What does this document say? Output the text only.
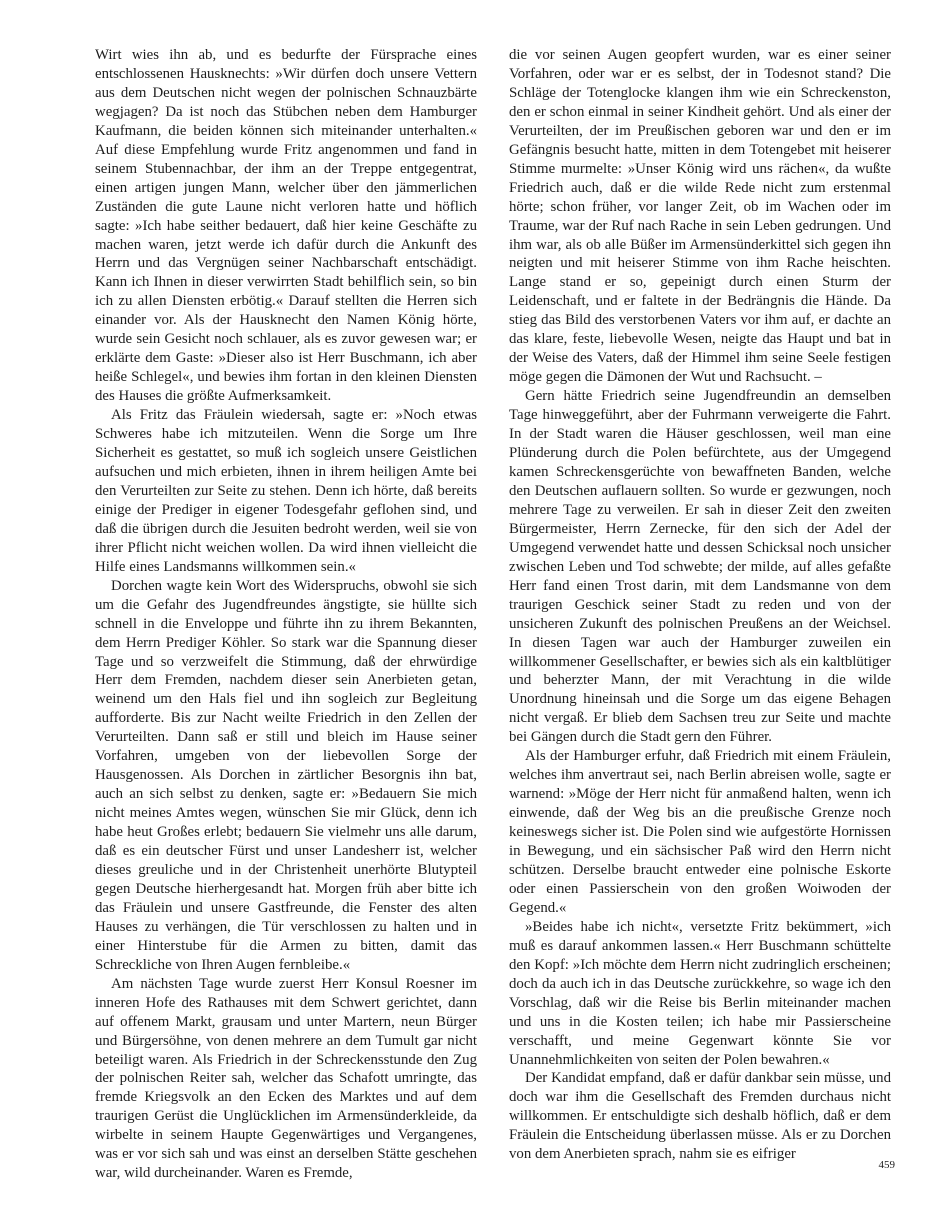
Wirt wies ihn ab, und es bedurfte der Fürsprache eines entschlossenen Hausknechts: »Wir dürfen doch unsere Vettern aus dem Deutschen nicht wegen der polnischen Schnauzbärte wegjagen? Da ist noch das Stübchen neben dem Hamburger Kaufmann, die beiden können sich miteinander unterhalten.« Auf diese Empfehlung wurde Fritz angenommen und fand in seinem Stubennachbar, der ihm an der Treppe entgegentrat, einen artigen jungen Mann, welcher über den jämmerlichen Zuständen die gute Laune nicht verloren hatte und höflich sagte: »Ich habe seither bedauert, daß hier keine Geschäfte zu machen waren, jetzt werde ich dafür durch die Ankunft des Herrn und das Vergnügen seiner Nachbarschaft entschädigt. Kann ich Ihnen in dieser verwirrten Stadt behilflich sein, so bin ich zu allen Diensten erbötig.« Darauf stellten die Herren sich einander vor. Als der Hausknecht den Namen König hörte, wurde sein Gesicht noch schlauer, als es zuvor gewesen war; er erklärte dem Gaste: »Dieser also ist Herr Buschmann, ich aber heiße Schlegel«, und bewies ihm fortan in den kleinen Diensten des Hauses die größte Aufmerksamkeit.

Als Fritz das Fräulein wiedersah, sagte er: »Noch etwas Schweres habe ich mitzuteilen. Wenn die Sorge um Ihre Sicherheit es gestattet, so muß ich sogleich unsere Geistlichen aufsuchen und mich erbieten, ihnen in ihrem heiligen Amte bei den Verurteilten zur Seite zu stehen. Denn ich hörte, daß bereits einige der Prediger in eigener Todesgefahr geflohen sind, und daß die übrigen durch die Jesuiten bedroht werden, weil sie von ihrer Pflicht nicht weichen wollen. Da wird ihnen vielleicht die Hilfe eines Landsmanns willkommen sein.«

Dorchen wagte kein Wort des Widerspruchs, obwohl sie sich um die Gefahr des Jugendfreundes ängstigte, sie hüllte sich schnell in die Enveloppe und führte ihn zu ihrem Bekannten, dem Herrn Prediger Köhler. So stark war die Spannung dieser Tage und so verzweifelt die Stimmung, daß der ehrwürdige Herr dem Fremden, nachdem dieser sein Anerbieten getan, weinend um den Hals fiel und ihn sogleich zur Begleitung aufforderte. Bis zur Nacht weilte Friedrich in den Zellen der Verurteilten. Dann saß er still und bleich im Hause seiner Vorfahren, umgeben von der liebevollen Sorge der Hausgenossen. Als Dorchen in zärtlicher Besorgnis ihn bat, auch an sich selbst zu denken, sagte er: »Bedauern Sie mich nicht meines Amtes wegen, wünschen Sie mir Glück, denn ich habe heut Großes erlebt; bedauern Sie vielmehr uns alle darum, daß es ein deutscher Fürst und unser Landesherr ist, welcher dieses greuliche und in der Christenheit unerhörte Blutурteil gegen Deutsche hierhergesandt hat. Morgen früh aber bitte ich das Fräulein und unsere Gastfreunde, die Fenster des alten Hauses zu verhängen, die Tür verschlossen zu halten und in einer Hinterstube für die Armen zu bitten, damit das Schreckliche von Ihren Augen fernbleibe.«

Am nächsten Tage wurde zuerst Herr Konsul Roesner im inneren Hofe des Rathauses mit dem Schwert gerichtet, dann auf offenem Markt, grausam und unter Martern, neun Bürger und Bürgersöhne, von denen mehrere an dem Tumult gar nicht beteiligt waren. Als Friedrich in der Schreckensstunde den Zug der polnischen Reiter sah, welcher das Schafott umringte, das fremde Kriegsvolk an den Ecken des Marktes und auf dem traurigen Gerüst die Unglücklichen im Armensünderkleide, da wirbelte in seinem Haupte Gegenwärtiges und Vergangenes, was er vor sich sah und was einst an derselben Stätte geschehen war, wild durcheinander. Waren es Fremde,

die vor seinen Augen geopfert wurden, war es einer seiner Vorfahren, oder war er es selbst, der in Todesnot stand? Die Schläge der Totenglocke klangen ihm wie ein Schreckenston, den er schon einmal in seiner Kindheit gehört. Und als einer der Verurteilten, der im Preußischen geboren war und den er im Gefängnis besucht hatte, mitten in dem Totengebet mit heiserer Stimme murmelte: »Unser König wird uns rächen«, da wußte Friedrich auch, daß er die wilde Rede nicht zum erstenmal hörte; schon früher, vor langer Zeit, ob im Wachen oder im Traume, war der Ruf nach Rache in sein Leben gedrungen. Und ihm war, als ob alle Büßer im Armensünderkittel sich gegen ihn neigten und mit heiserer Stimme von ihm Rache heischten. Lange stand er so, gepeinigt durch einen Sturm der Leidenschaft, und er faltete in der Bedrängnis die Hände. Da stieg das Bild des verstorbenen Vaters vor ihm auf, er dachte an das klare, feste, liebevolle Wesen, neigte das Haupt und bat in der Weise des Vaters, daß der Himmel ihm seine Seele festigen möge gegen die Dämonen der Wut und Rachsucht. –

Gern hätte Friedrich seine Jugendfreundin an demselben Tage hinweggeführt, aber der Fuhrmann verweigerte die Fahrt. In der Stadt waren die Häuser geschlossen, weil man eine Plünderung durch die Polen befürchtete, aus der Umgegend kamen Schreckensgerüchte von bewaffneten Banden, welche den Deutschen auflauern sollten. So wurde er gezwungen, noch mehrere Tage zu verweilen. Er sah in dieser Zeit den zweiten Bürgermeister, Herrn Zernecke, für den sich der Adel der Umgegend verwendet hatte und dessen Schicksal noch unsicher zwischen Leben und Tod schwebte; der milde, auf alles gefaßte Herr fand einen Trost darin, mit dem Landsmanne von dem traurigen Geschick seiner Stadt zu reden und von der unsicheren Zukunft des polnischen Preußens an der Weichsel. In diesen Tagen war auch der Hamburger zuweilen ein willkommener Gesellschafter, er bewies sich als ein kaltblütiger und beherzter Mann, der mit Verachtung in die wilde Unordnung hineinsah und die Sorge um das eigene Behagen nicht vergaß. Er blieb dem Sachsen treu zur Seite und machte bei Gängen durch die Stadt gern den Führer.

Als der Hamburger erfuhr, daß Friedrich mit einem Fräulein, welches ihm anvertraut sei, nach Berlin abreisen wolle, sagte er warnend: »Möge der Herr nicht für anmaßend halten, wenn ich einwende, daß der Weg bis an die preußische Grenze noch keineswegs sicher ist. Die Polen sind wie aufgestörte Hornissen in Bewegung, und ein sächsischer Paß wird den Herrn nicht schützen. Derselbe braucht entweder eine polnische Eskorte oder einen Passierschein von den großen Woiwoden der Gegend.«

»Beides habe ich nicht«, versetzte Fritz bekümmert, »ich muß es darauf ankommen lassen.« Herr Buschmann schüttelte den Kopf: »Ich möchte dem Herrn nicht zudringlich erscheinen; doch da auch ich in das Deutsche zurückkehre, so wage ich den Vorschlag, daß wir die Reise bis Berlin miteinander machen und uns in die Kosten teilen; ich habe mir Passierscheine verschafft, und meine Gegenwart könnte Sie vor Unannehmlichkeiten von seiten der Polen bewahren.«

Der Kandidat empfand, daß er dafür dankbar sein müsse, und doch war ihm die Gesellschaft des Fremden durchaus nicht willkommen. Er entschuldigte sich deshalb höflich, daß er dem Fräulein die Entscheidung überlassen müsse. Als er zu Dorchen von dem Anerbieten sprach, nahm sie es eifriger

459
